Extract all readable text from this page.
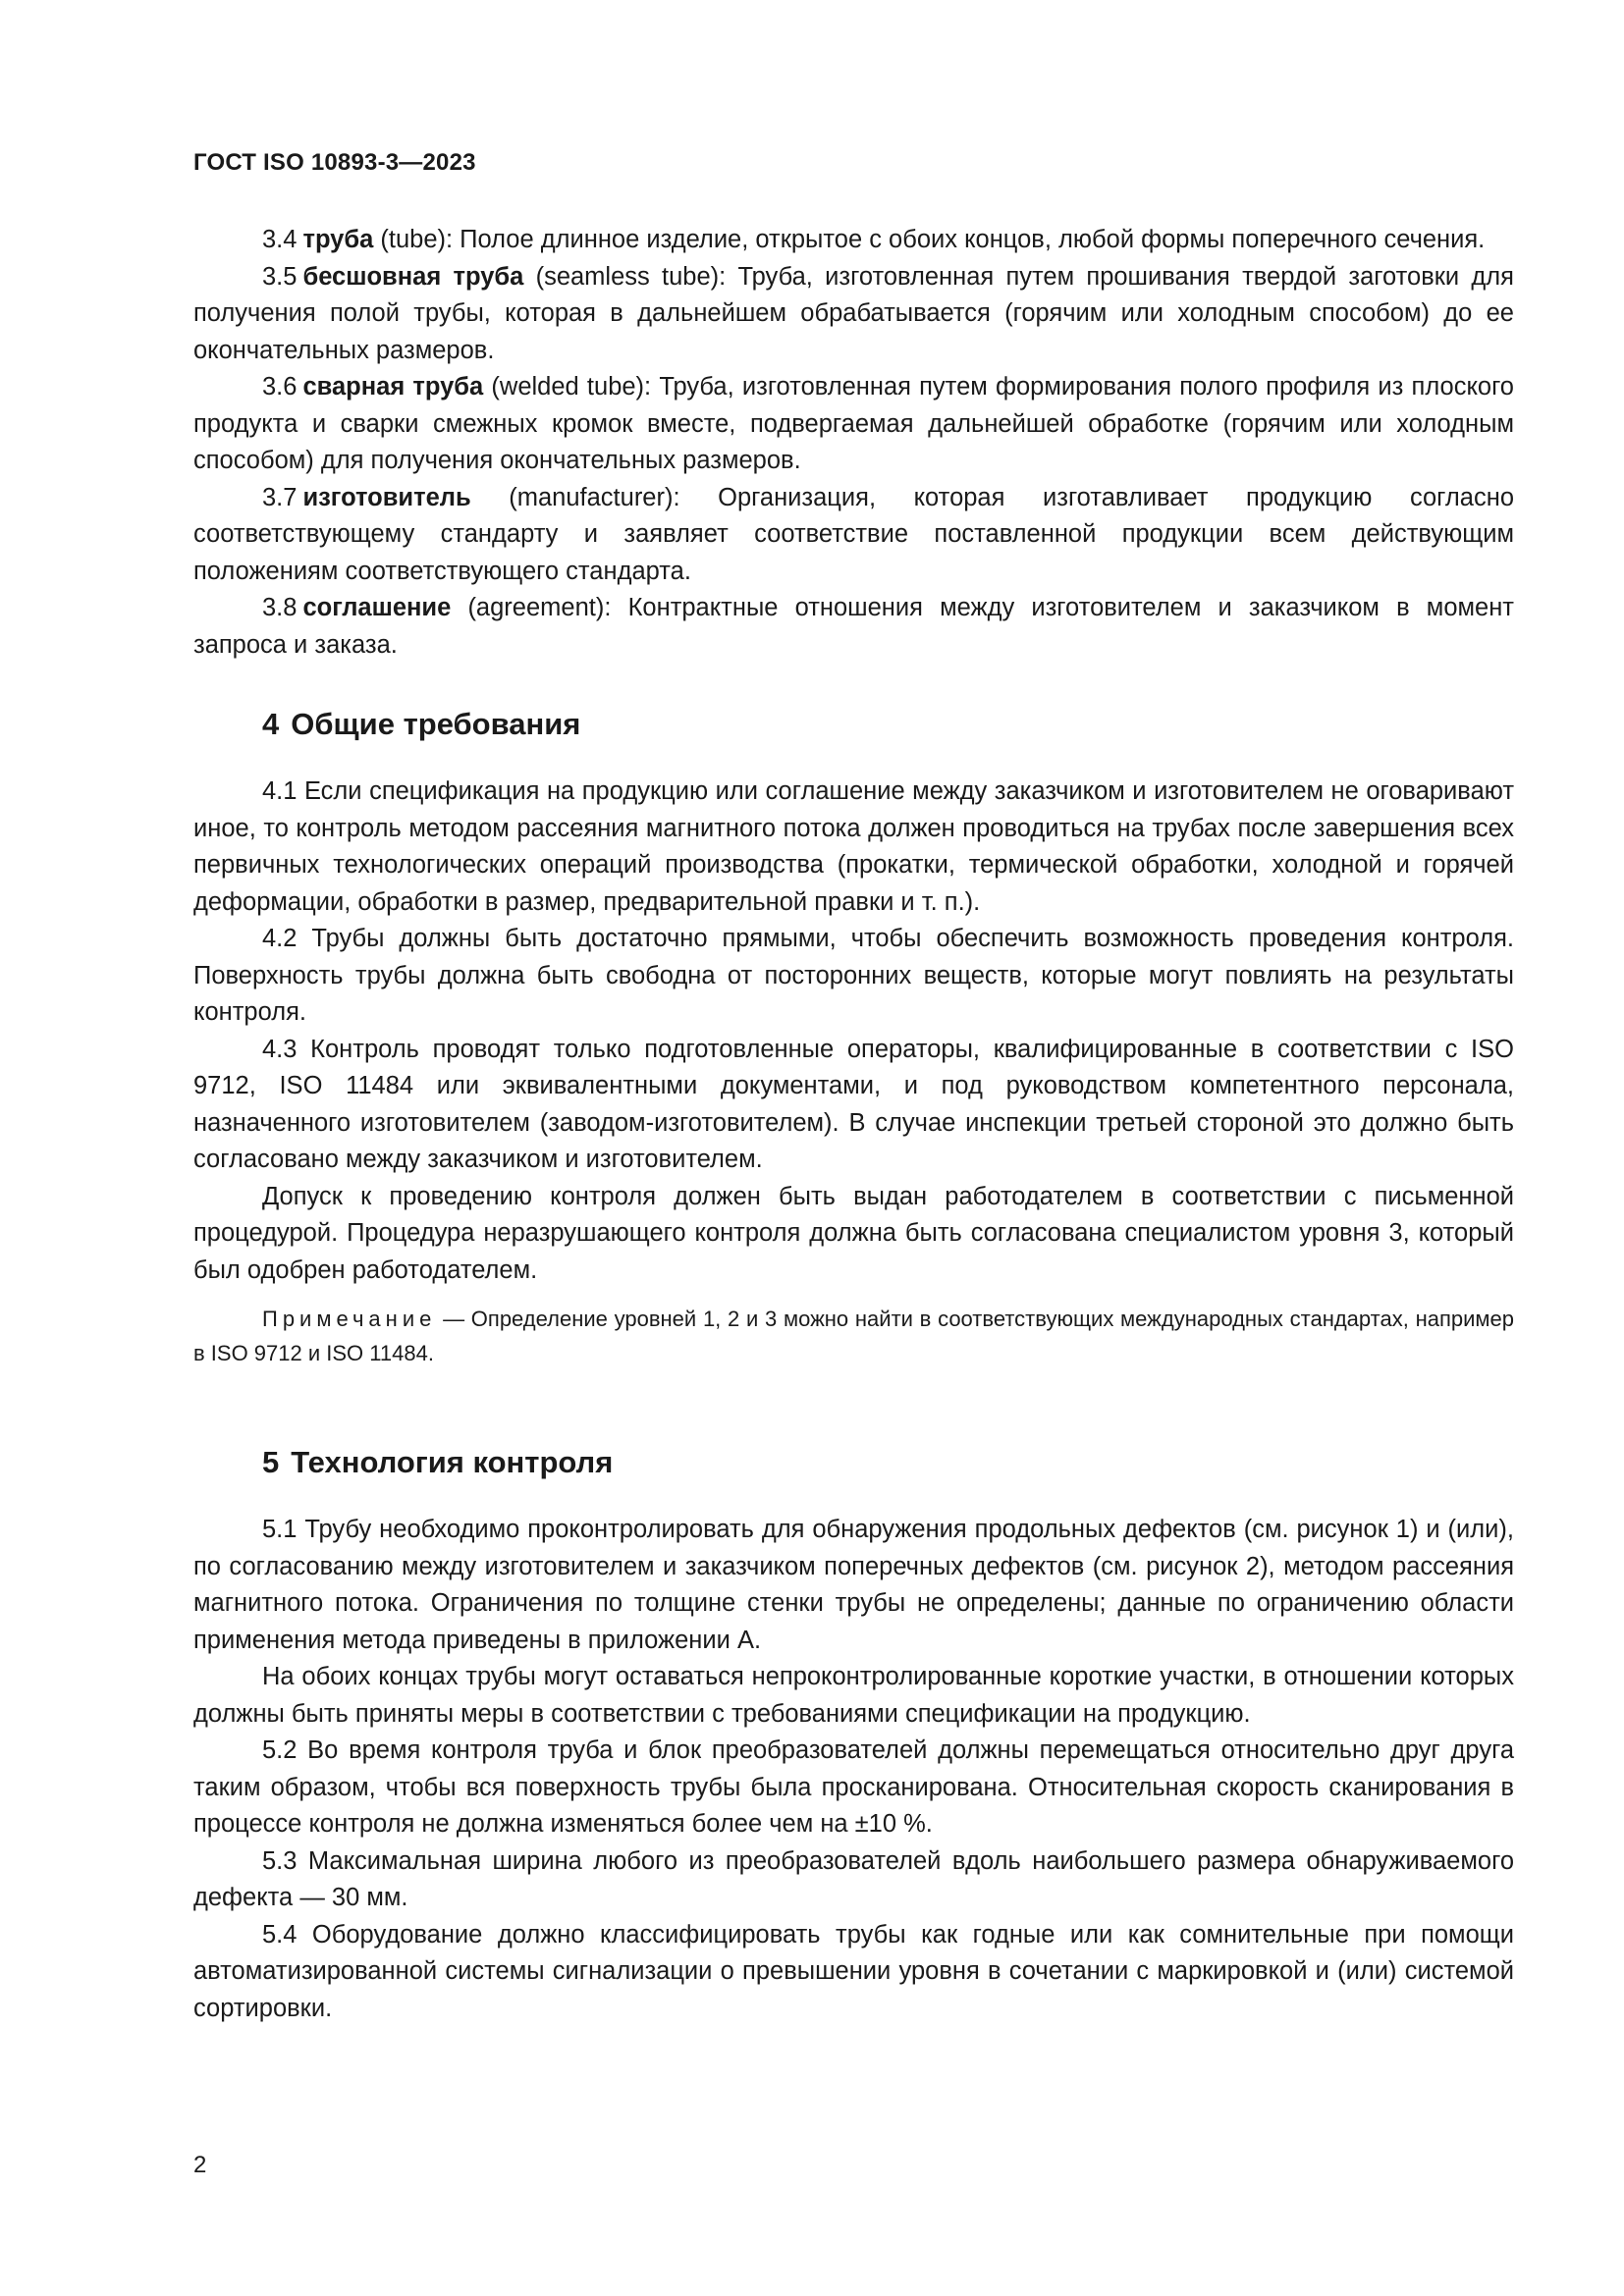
ГОСТ ISO 10893-3—2023

3.4 труба (tube): Полое длинное изделие, открытое с обоих концов, любой формы поперечного сечения.

3.5 бесшовная труба (seamless tube): Труба, изготовленная путем прошивания твердой заготовки для получения полой трубы, которая в дальнейшем обрабатывается (горячим или холодным способом) до ее окончательных размеров.

3.6 сварная труба (welded tube): Труба, изготовленная путем формирования полого профиля из плоского продукта и сварки смежных кромок вместе, подвергаемая дальнейшей обработке (горячим или холодным способом) для получения окончательных размеров.

3.7 изготовитель (manufacturer): Организация, которая изготавливает продукцию согласно соответствующему стандарту и заявляет соответствие поставленной продукции всем действующим положениям соответствующего стандарта.

3.8 соглашение (agreement): Контрактные отношения между изготовителем и заказчиком в момент запроса и заказа.

4 Общие требования

4.1 Если спецификация на продукцию или соглашение между заказчиком и изготовителем не оговаривают иное, то контроль методом рассеяния магнитного потока должен проводиться на трубах после завершения всех первичных технологических операций производства (прокатки, термической обработки, холодной и горячей деформации, обработки в размер, предварительной правки и т. п.).

4.2 Трубы должны быть достаточно прямыми, чтобы обеспечить возможность проведения контроля. Поверхность трубы должна быть свободна от посторонних веществ, которые могут повлиять на результаты контроля.

4.3 Контроль проводят только подготовленные операторы, квалифицированные в соответствии с ISO 9712, ISO 11484 или эквивалентными документами, и под руководством компетентного персонала, назначенного изготовителем (заводом-изготовителем). В случае инспекции третьей стороной это должно быть согласовано между заказчиком и изготовителем.

Допуск к проведению контроля должен быть выдан работодателем в соответствии с письменной процедурой. Процедура неразрушающего контроля должна быть согласована специалистом уровня 3, который был одобрен работодателем.

Примечание — Определение уровней 1, 2 и 3 можно найти в соответствующих международных стандартах, например в ISO 9712 и ISO 11484.

5 Технология контроля

5.1 Трубу необходимо проконтролировать для обнаружения продольных дефектов (см. рисунок 1) и (или), по согласованию между изготовителем и заказчиком поперечных дефектов (см. рисунок 2), методом рассеяния магнитного потока. Ограничения по толщине стенки трубы не определены; данные по ограничению области применения метода приведены в приложении А.

На обоих концах трубы могут оставаться непроконтролированные короткие участки, в отношении которых должны быть приняты меры в соответствии с требованиями спецификации на продукцию.

5.2 Во время контроля труба и блок преобразователей должны перемещаться относительно друг друга таким образом, чтобы вся поверхность трубы была просканирована. Относительная скорость сканирования в процессе контроля не должна изменяться более чем на ±10 %.

5.3 Максимальная ширина любого из преобразователей вдоль наибольшего размера обнаруживаемого дефекта — 30 мм.

5.4 Оборудование должно классифицировать трубы как годные или как сомнительные при помощи автоматизированной системы сигнализации о превышении уровня в сочетании с маркировкой и (или) системой сортировки.

2
